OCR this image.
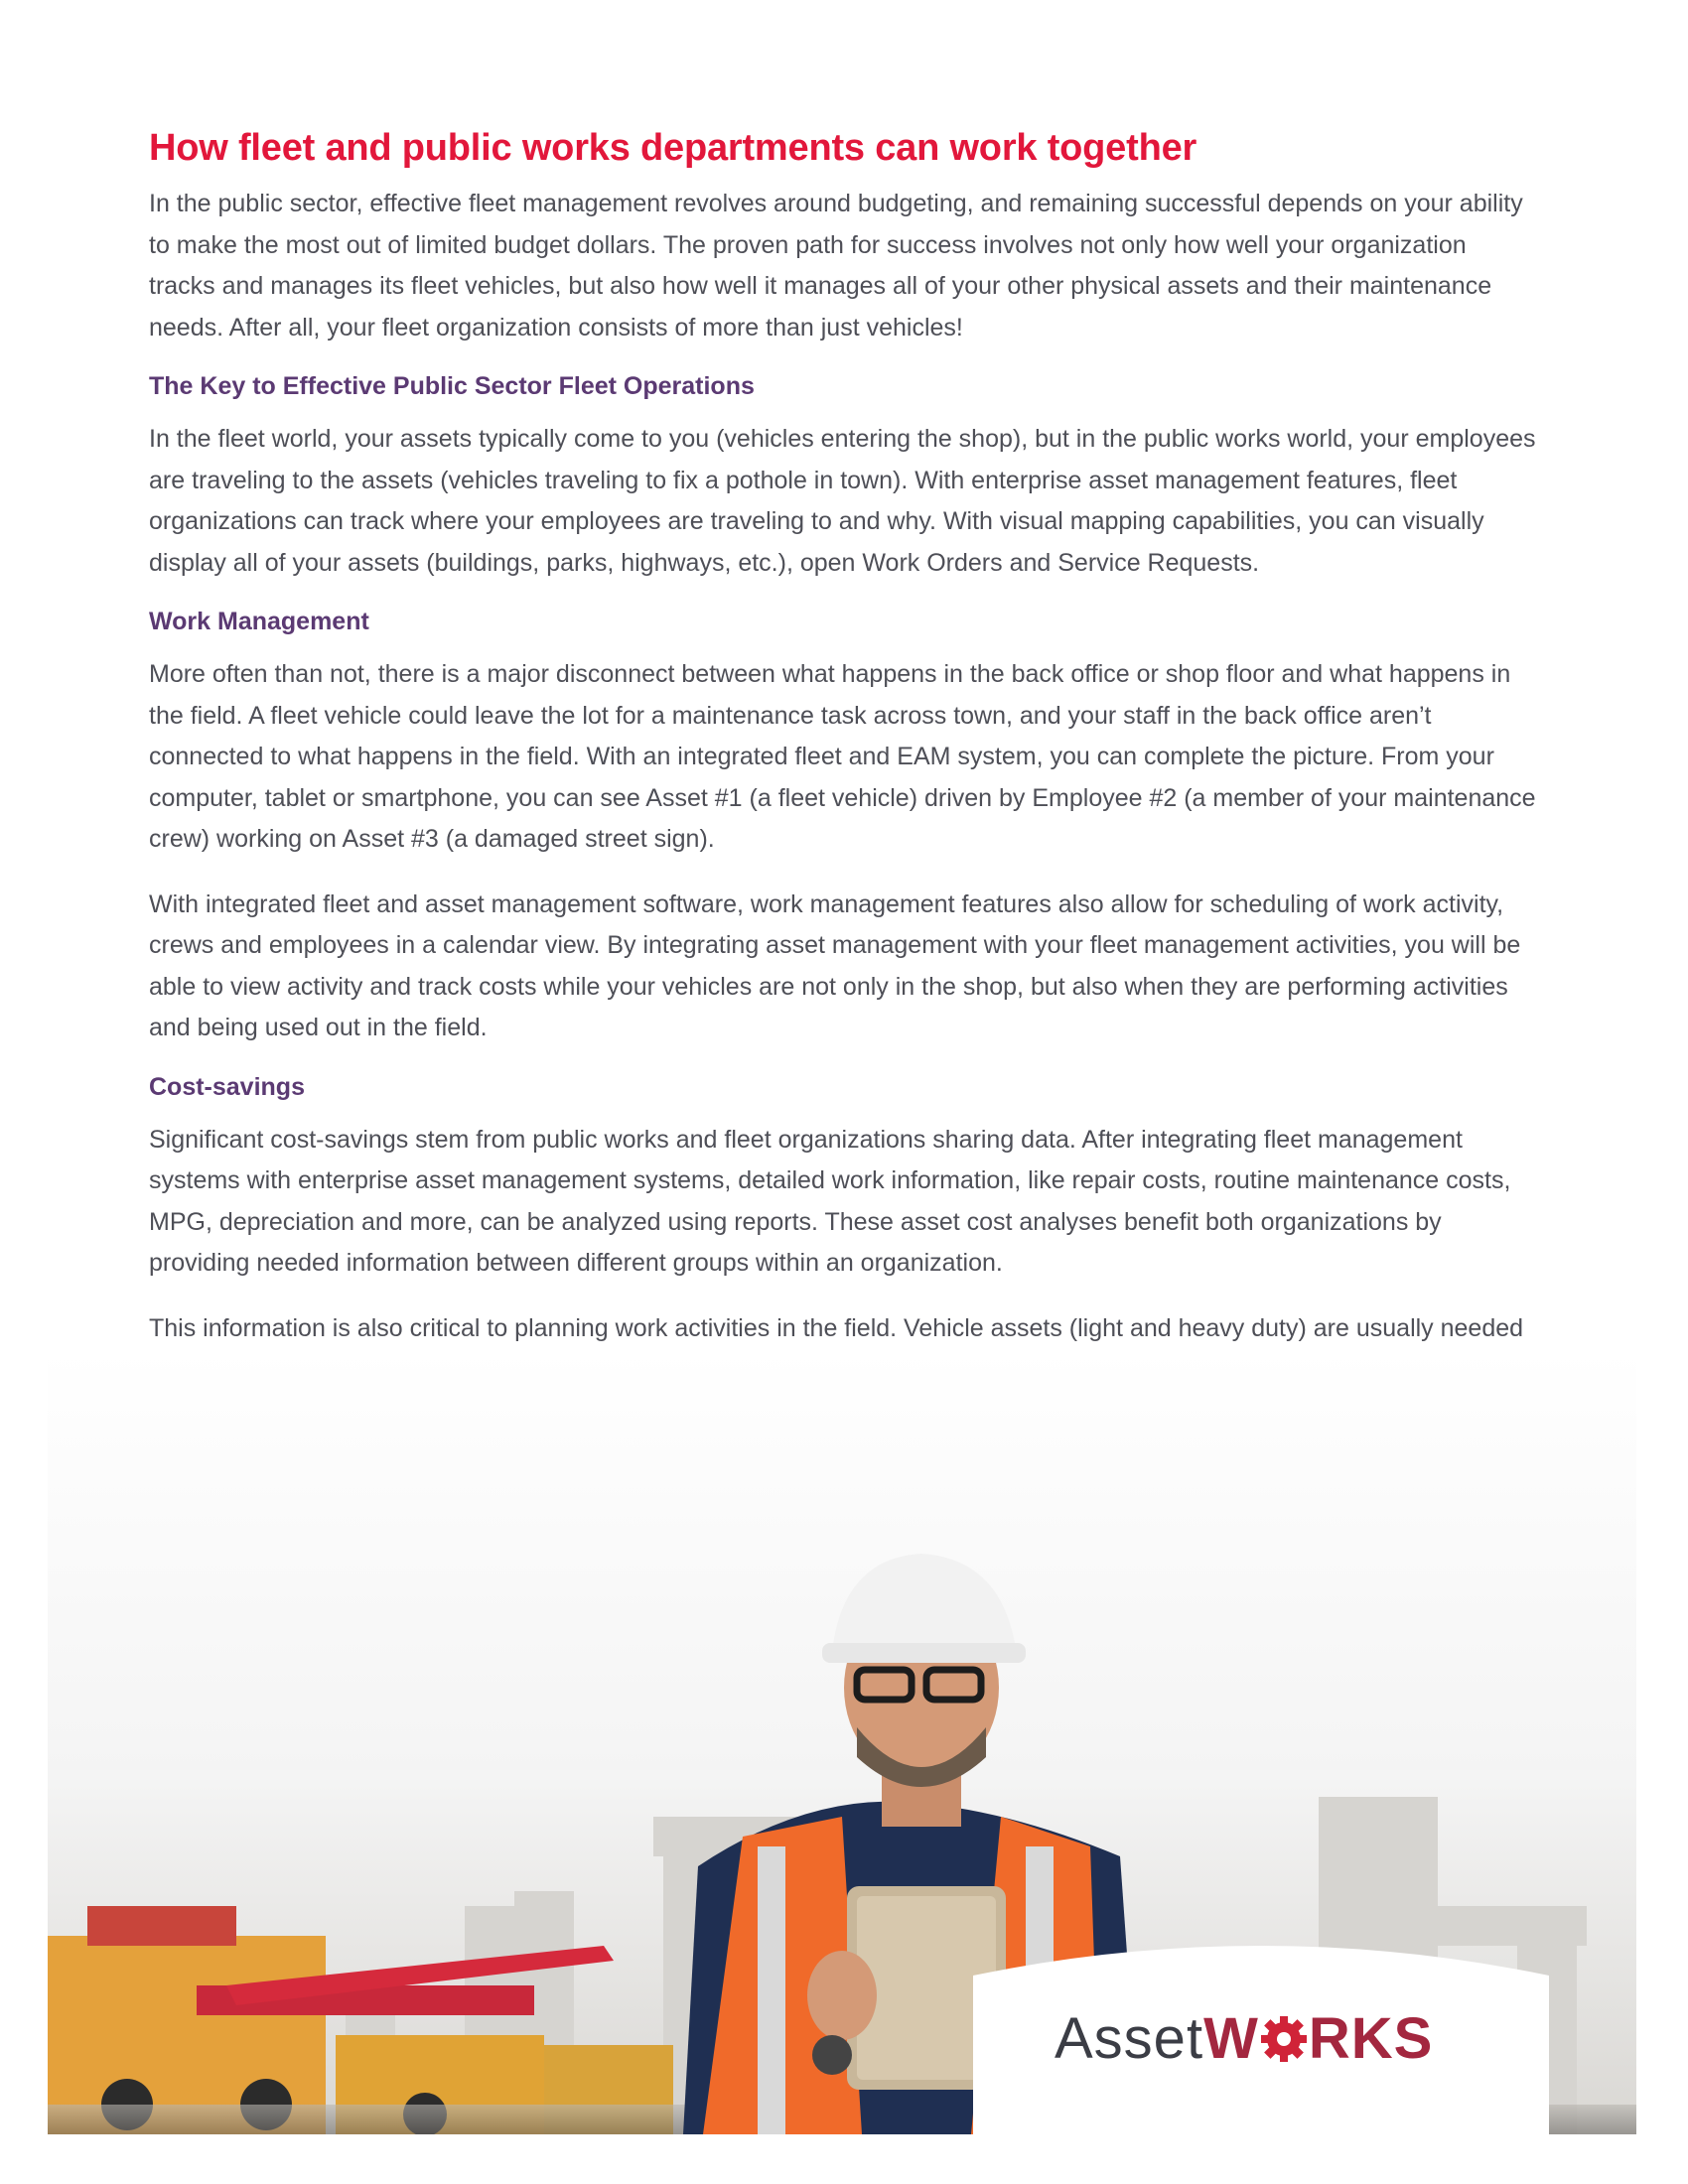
How fleet and public works departments can work together

In the public sector, effective fleet management revolves around budgeting, and remaining successful depends on your ability to make the most out of limited budget dollars. The proven path for success involves not only how well your organization tracks and manages its fleet vehicles, but also how well it manages all of your other physical assets and their maintenance needs. After all, your fleet organization consists of more than just vehicles!

The Key to Effective Public Sector Fleet Operations

In the fleet world, your assets typically come to you (vehicles entering the shop), but in the public works world, your employees are traveling to the assets (vehicles traveling to fix a pothole in town). With enterprise asset management features, fleet organizations can track where your employees are traveling to and why. With visual mapping capabilities, you can visually display all of your assets (buildings, parks, highways, etc.), open Work Orders and Service Requests.

Work Management

More often than not, there is a major disconnect between what happens in the back office or shop floor and what happens in the field. A fleet vehicle could leave the lot for a maintenance task across town, and your staff in the back office aren’t connected to what happens in the field. With an integrated fleet and EAM system, you can complete the picture. From your computer, tablet or smartphone, you can see Asset #1 (a fleet vehicle) driven by Employee #2 (a member of your maintenance crew) working on Asset #3 (a damaged street sign).

With integrated fleet and asset management software, work management features also allow for scheduling of work activity, crews and employees in a calendar view. By integrating asset management with your fleet management activities, you will be able to view activity and track costs while your vehicles are not only in the shop, but also when they are performing activities and being used out in the field.

Cost-savings

Significant cost-savings stem from public works and fleet organizations sharing data. After integrating fleet management systems with enterprise asset management systems, detailed work information, like repair costs, routine maintenance costs, MPG, depreciation and more, can be analyzed using reports. These asset cost analyses benefit both organizations by providing needed information between different groups within an organization.

This information is also critical to planning work activities in the field. Vehicle assets (light and heavy duty) are usually needed

AssetW RKS
